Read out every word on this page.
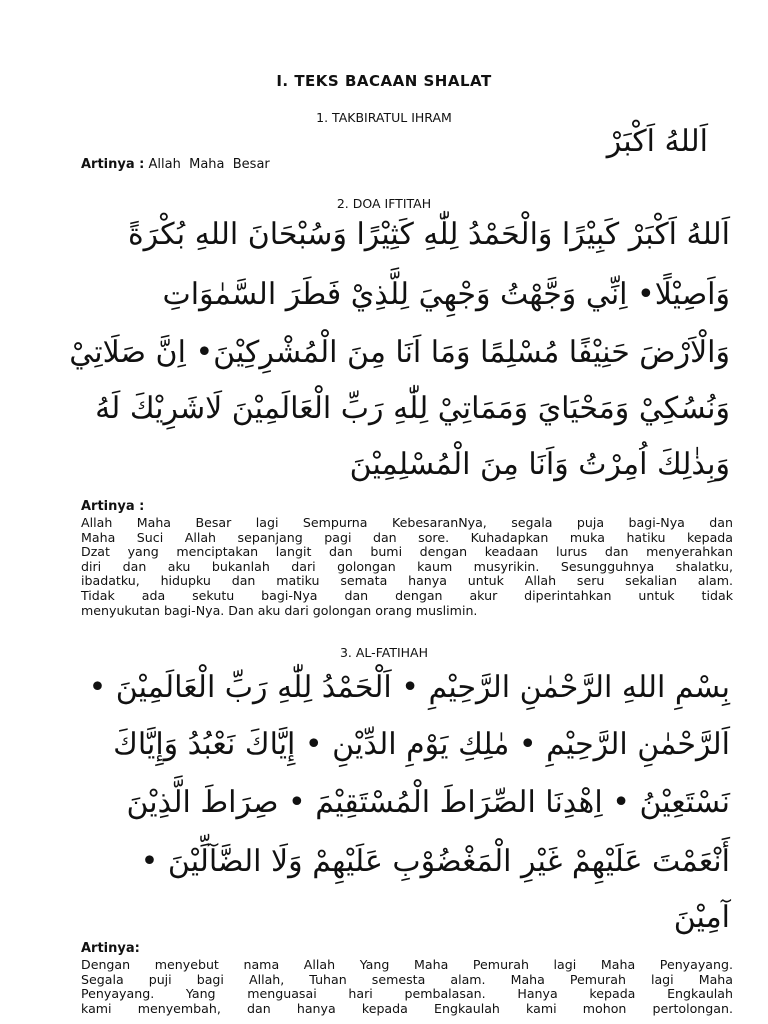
I. TEKS BACAAN SHALAT
1. TAKBIRATUL IHRAM
اَللهُ اَكْبَرْ
Artinya : Allah  Maha  Besar
2. DOA IFTITAH
اَللهُ اَكْبَرْ كَبِيْرًا وَالْحَمْدُ لِلّٰهِ كَثِيْرًا وَسُبْحَانَ اللهِ بُكْرَةً
وَاَصِيْلًا• اِنِّي وَجَّهْتُ وَجْهِيَ لِلَّذِيْ فَطَرَ السَّمٰوَاتِ
وَالْاَرْضَ حَنِيْفًا مُسْلِمًا وَمَا اَنَا مِنَ الْمُشْرِكِيْنَ• اِنَّ صَلَاتِيْ
وَنُسُكِيْ وَمَحْيَايَ وَمَمَاتِيْ لِلّٰهِ رَبِّ الْعَالَمِيْنَ لَاشَرِيْكَ لَهُ
وَبِذٰلِكَ اُمِرْتُ وَاَنَا مِنَ الْمُسْلِمِيْنَ
Artinya :
Allah Maha Besar lagi Sempurna KebesaranNya, segala puja bagi-Nya dan
Maha Suci Allah sepanjang pagi dan sore. Kuhadapkan muka hatiku kepada
Dzat yang menciptakan langit dan bumi dengan keadaan lurus dan menyerahkan
diri dan aku bukanlah dari golongan kaum musyrikin. Sesungguhnya shalatku,
ibadatku, hidupku dan matiku semata hanya untuk Allah seru sekalian alam.
Tidak ada sekutu bagi-Nya dan dengan akur diperintahkan untuk tidak
menyukutan bagi-Nya. Dan aku dari golongan orang muslimin.
3. AL-FATIHAH
بِسْمِ اللهِ الرَّحْمٰنِ الرَّحِيْمِ • اَلْحَمْدُ لِلّٰهِ رَبِّ الْعَالَمِيْنَ •
اَلرَّحْمٰنِ الرَّحِيْمِ • مٰلِكِ يَوْمِ الدِّيْنِ • إِيَّاكَ نَعْبُدُ وَإِيَّاكَ
نَسْتَعِيْنُ • اِهْدِنَا الصِّرَاطَ الْمُسْتَقِيْمَ • صِرَاطَ الَّذِيْنَ
أَنْعَمْتَ عَلَيْهِمْ غَيْرِ الْمَغْضُوْبِ عَلَيْهِمْ وَلَا الضَّآلِّيْنَ •
آمِيْنَ
Artinya:
Dengan menyebut nama Allah Yang Maha Pemurah lagi Maha Penyayang.
Segala puji bagi Allah, Tuhan semesta alam. Maha Pemurah lagi Maha
Penyayang. Yang menguasai hari pembalasan. Hanya kepada Engkaulah
kami menyembah, dan hanya kepada Engkaulah kami mohon pertolongan.
